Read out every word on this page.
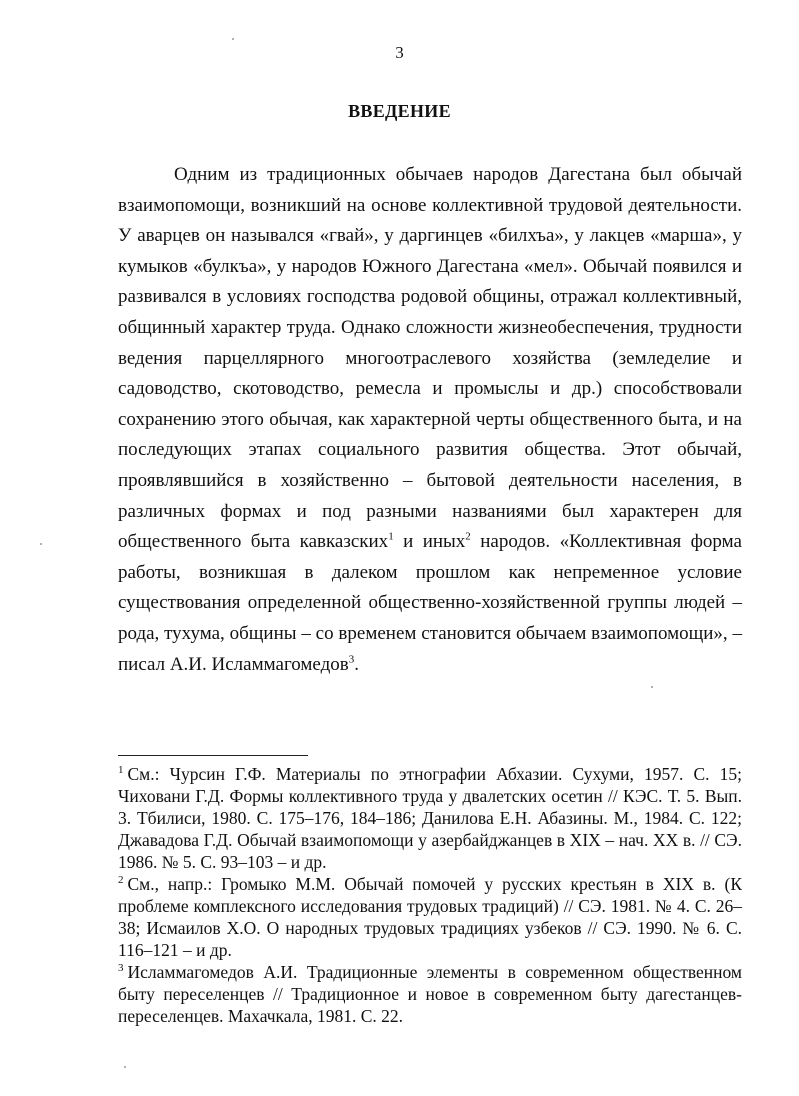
3
ВВЕДЕНИЕ

Одним из традиционных обычаев народов Дагестана был обычай взаимопомощи, возникший на основе коллективной трудовой деятельности. У аварцев он назывался «гвай», у даргинцев «билхъа», у лакцев «марша», у кумыков «булкъа», у народов Южного Дагестана «мел». Обычай появился и развивался в условиях господства родовой общины, отражал коллективный, общинный характер труда. Однако сложности жизнеобеспечения, трудности ведения парцеллярного многоотраслевого хозяйства (земледелие и садоводство, скотоводство, ремесла и промыслы и др.) способствовали сохранению этого обычая, как характерной черты общественного быта, и на последующих этапах социального развития общества. Этот обычай, проявлявшийся в хозяйственно – бытовой деятельности населения, в различных формах и под разными названиями был характерен для общественного быта кавказских$^1$ и иных$^2$ народов. «Коллективная форма работы, возникшая в далеком прошлом как непременное условие существования определенной общественно-хозяйственной группы людей – рода, тухума, общины – со временем становится обычаем взаимопомощи», – писал А.И. Исламмагомедов$^3$.

$^1$ См.: Чурсин Г.Ф. Материалы по этнографии Абхазии. Сухуми, 1957. С. 15; Чиховани Г.Д. Формы коллективного труда у двалетских осетин // КЭС. Т. 5. Вып. 3. Тбилиси, 1980. С. 175–176, 184–186; Данилова Е.Н. Абазины. М., 1984. С. 122; Джавадова Г.Д. Обычай взаимопомощи у азербайджанцев в XIX – нач. XX в. // СЭ. 1986. № 5. С. 93–103 – и др.

$^2$ См., напр.: Громыко М.М. Обычай помочей у русских крестьян в XIX в. (К проблеме комплексного исследования трудовых традиций) // СЭ. 1981. № 4. С. 26–38; Исмаилов Х.О. О народных трудовых традициях узбеков // СЭ. 1990. № 6. С. 116–121 – и др.

$^3$ Исламмагомедов А.И. Традиционные элементы в современном общественном быту переселенцев // Традиционное и новое в современном быту дагестанцев-переселенцев. Махачкала, 1981. С. 22.
